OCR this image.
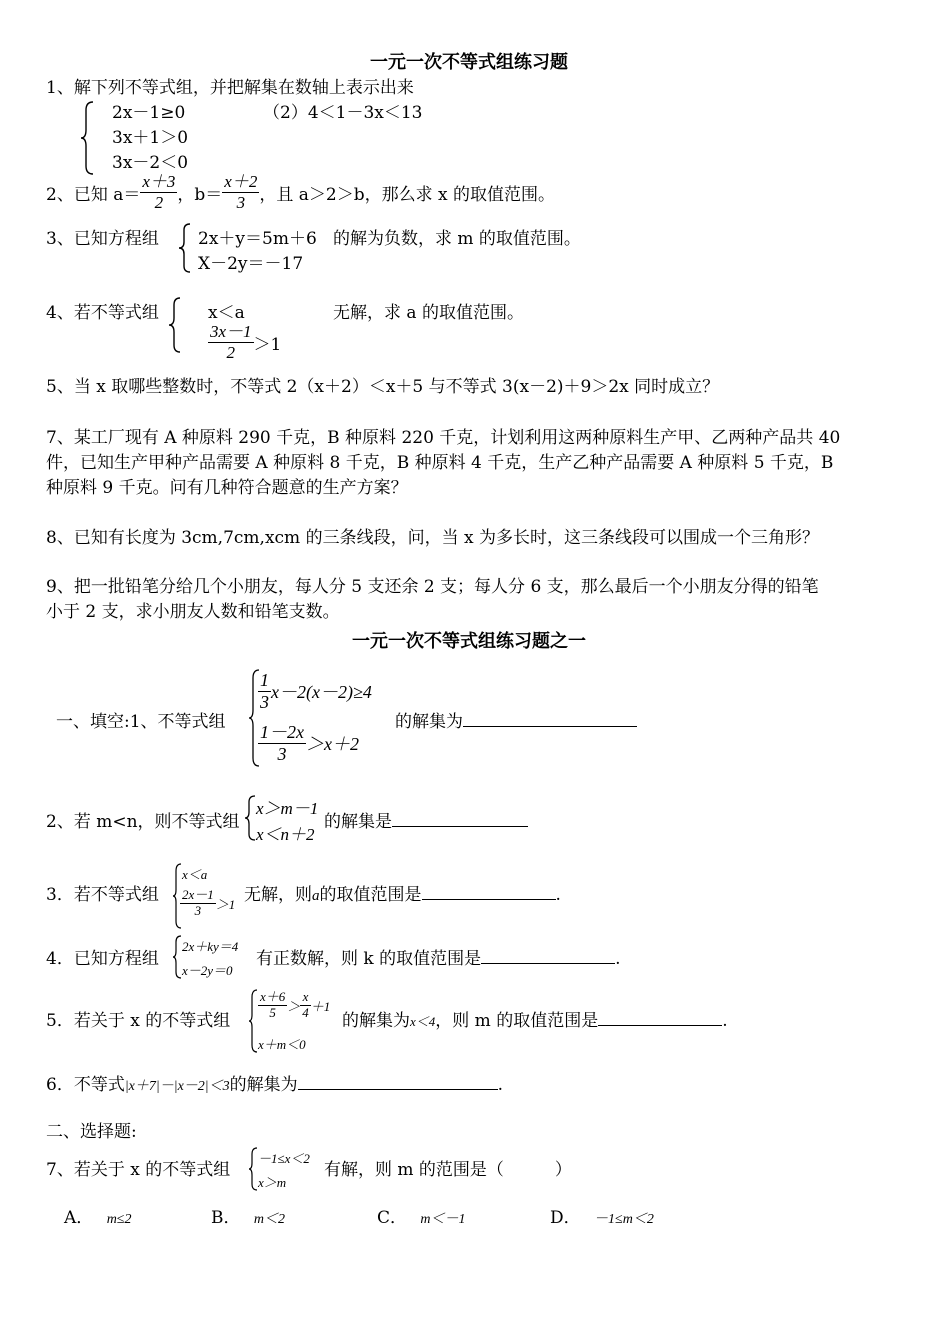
一元一次不等式组练习题
1、解下列不等式组，并把解集在数轴上表示出来
2x－1≥0
3x＋1＞0
3x－2＜0
（2）4＜1－3x＜13
2、已知 $a= \frac{x+3}{2}$ ，$b= \frac{x+2}{3}$ ，且 a＞2＞b，那么求 x 的取值范围。
3、已知方程组 2x＋y＝5m＋6
X－2y＝－17
的解为负数，求 m 的取值范围。
4、若不等式组	x＜a
$\frac{3x-1}{2} >1$
无解，求 a 的取值范围。
5、当 x 取哪些整数时，不等式 2（x＋2）＜x＋5 与不等式 3(x－2)＋9＞2x 同时成立？
7、某工厂现有 A 种原料 290 千克，B 种原料 220 千克，计划利用这两种原料生产甲、乙两种产品共 40
件，已知生产甲种产品需要 A 种原料 8 千克，B 种原料 4 千克，生产乙种产品需要 A 种原料 5 千克，B
种原料 9 千克。问有几种符合题意的生产方案？
8、已知有长度为 3cm,7cm,xcm 的三条线段，问，当 x 为多长时，这三条线段可以围成一个三角形？
9、把一批铅笔分给几个小朋友，每人分 5 支还余 2 支；每人分 6 支，那么最后一个小朋友分得的铅笔
小于 2 支，求小朋友人数和铅笔支数。
一元一次不等式组练习题之一
一、填空:1、不等式组
$\frac{1}{3} x-2(x-2)\ge 4$
$\frac{1-2x}{3} >x+2$
的解集为
2、若 m<n，则不等式组
x＞m－1
x＜n＋2
的解集是
3．若不等式组
x＜a
$\frac{2x-1}{3} >1$ 无解，则a的取值范围是	.
4．已知方程组
2x＋ky＝4
x－2y＝0
有正数解，则 k 的取值范围是	.
5．若关于 x 的不等式组
$\frac{x+6}{5} > \frac{x}{4} +1$
x＋m＜0
的解集为x＜4，则 m 的取值范围是	.
6．不等式|x＋7|－|x－2|＜3的解集为	.
二、选择题:
7、若关于 x 的不等式组
－1≤x＜2
x＞m
有解，则 m 的范围是（　　　）
A． m≤2	B． m＜2	C． m＜－1	D． －1≤m＜2
